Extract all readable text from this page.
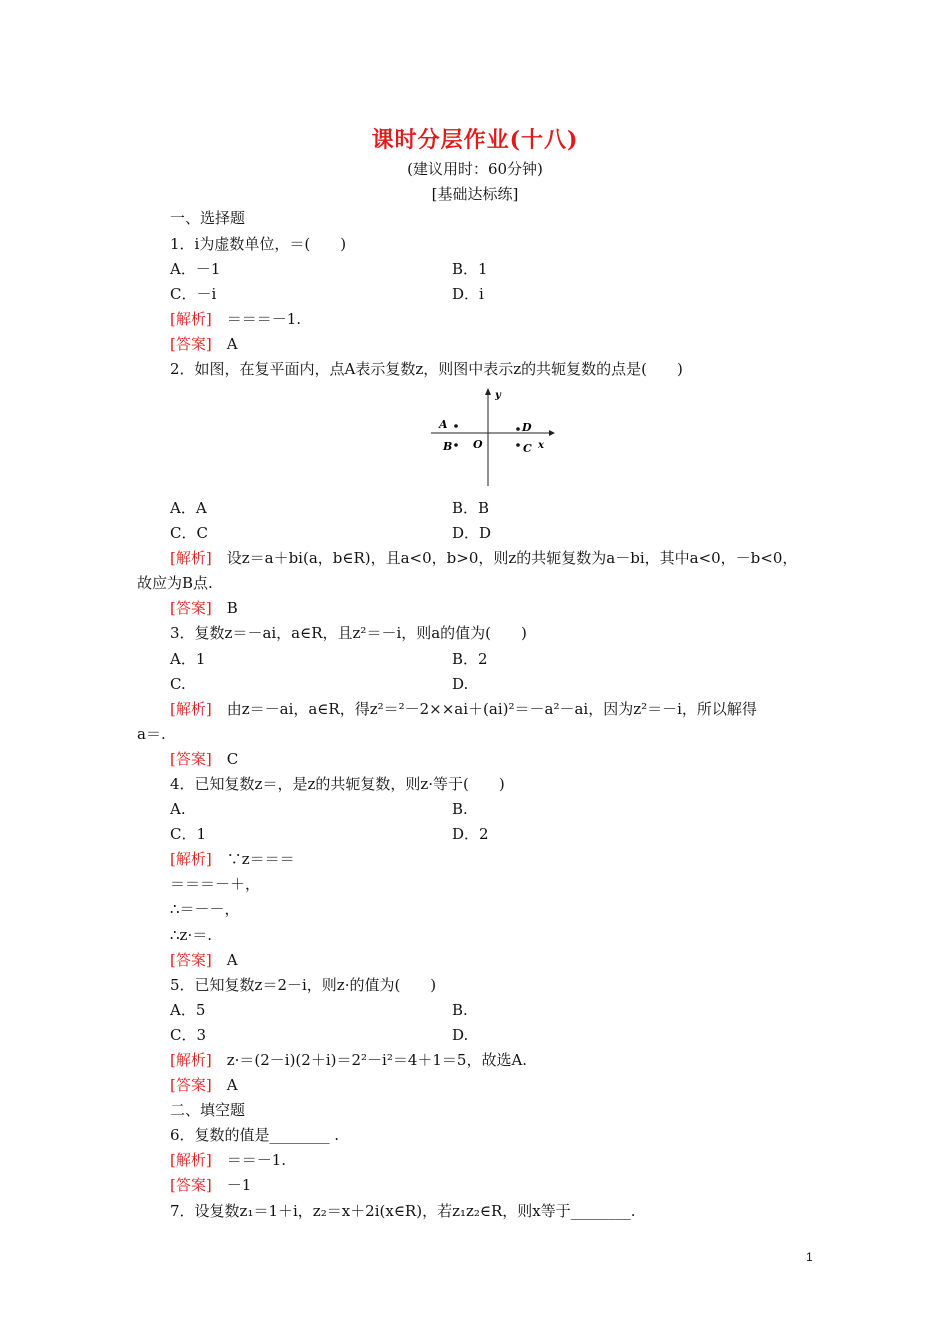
课时分层作业(十八)
(建议用时：60分钟)
[基础达标练]
一、选择题
1．i为虚数单位，＝(　　)
A．－1	B．1
C．－i	D．i
[解析]　＝＝＝－1.
[答案]　A
2．如图，在复平面内，点A表示复数z，则图中表示z的共轭复数的点是(　　)
A．A	B．B
C．C	D．D
[解析]　设z＝a＋bi(a，b∈R)，且a<0，b>0，则z的共轭复数为a－bi，其中a<0，－b<0，
故应为B点.
[答案]　B
3．复数z＝－ai，a∈R，且z²＝－i，则a的值为(　　)
A．1	B．2
C.	D.
[解析]　由z＝－ai，a∈R，得z²＝²－2××ai＋(ai)²＝－a²－ai，因为z²＝－i，所以解得
a＝.
[答案]　C
4．已知复数z＝，是z的共轭复数，则z·等于(　　)
A.	B.
C．1	D．2
[解析]　∵z＝＝＝
＝＝＝－＋，
∴＝－－，
∴z·＝.
[答案]　A
5．已知复数z＝2－i，则z·的值为(　　)
A．5	B.
C．3	D.
[解析]　z·＝(2－i)(2＋i)＝2²－i²＝4＋1＝5，故选A.
[答案]　A
二、填空题
6．复数的值是________ .
[解析]　＝＝－1.
[答案]　－1
7．设复数z₁＝1＋i，z₂＝x＋2i(x∈R)，若z₁z₂∈R，则x等于________.
y
x
O
A
B	C
D
1
